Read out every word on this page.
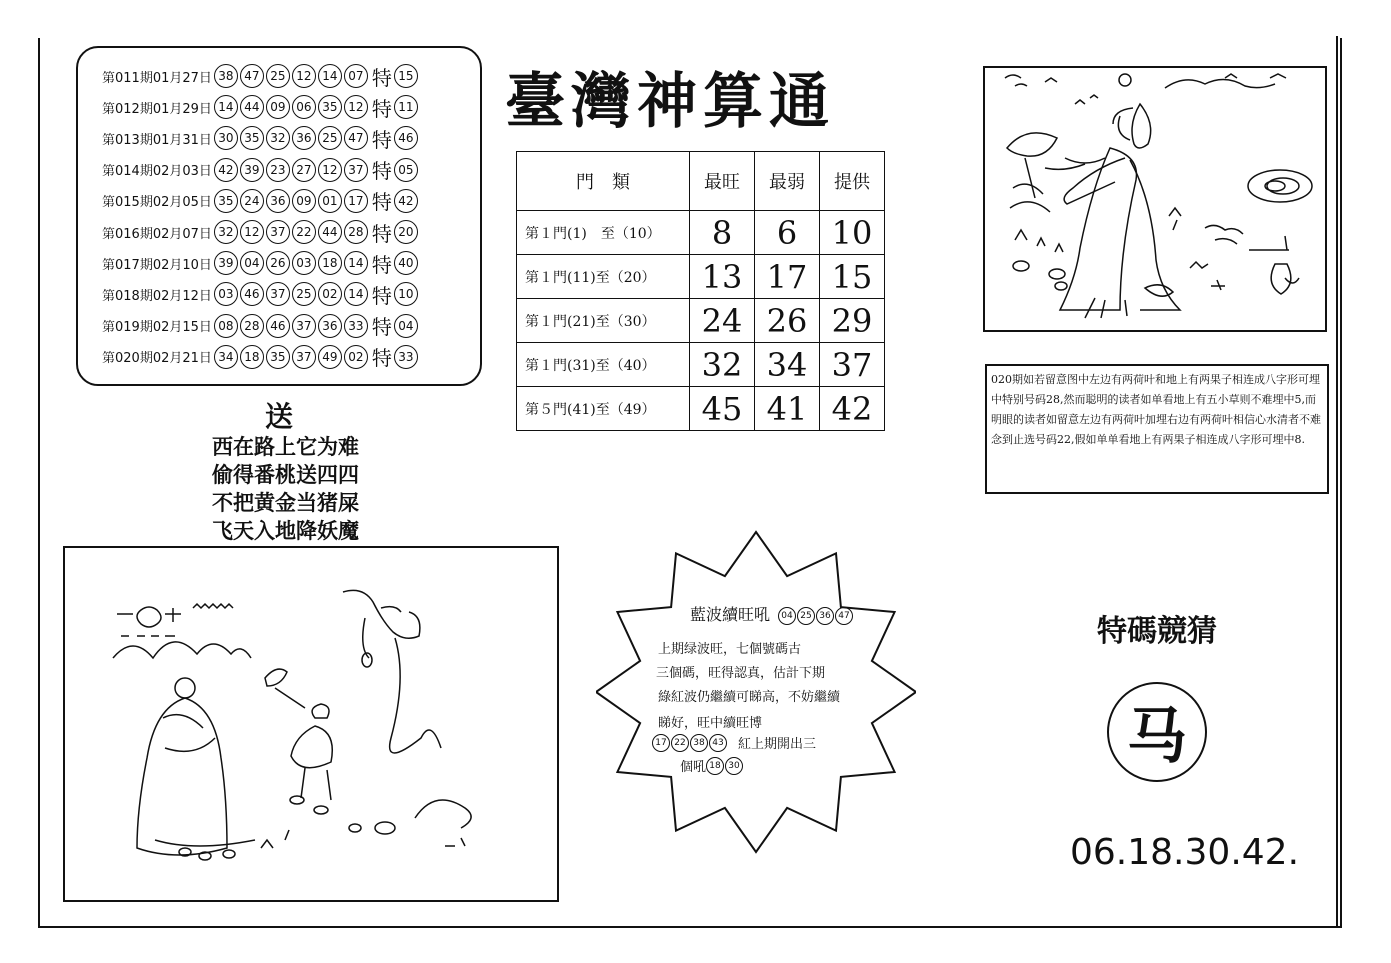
第011期01月27日 38 47 25 12 14 07 特 15
第012期01月29日 14 44 09 06 35 12 特 11
第013期01月31日 30 35 32 36 25 47 特 46
第014期02月03日 42 39 23 27 12 37 特 05
第015期02月05日 35 24 36 09 01 17 特 42
第016期02月07日 32 12 37 22 44 28 特 20
第017期02月10日 39 04 26 03 18 14 特 40
第018期02月12日 03 46 37 25 02 14 特 10
第019期02月15日 08 28 46 37 36 33 特 04
第020期02月21日 34 18 35 37 49 02 特 33
臺灣神算通
門　類	最旺	最弱	提供
第１門(1)　至（10）	8	6	10
第１門(11)至（20）	13	17	15
第１門(21)至（30）	24	26	29
第１門(31)至（40）	32	34	37
第５門(41)至（49）	45	41	42
送
西在路上它为难
偷得番桃送四四
不把黄金当猪屎
飞天入地降妖魔
020期如若留意图中左边有两荷叶和地上有两果子相连成八字形可埋中特别号码28,然而聪明的读者如单看地上有五小草则不难埋中5,而明眼的读者如留意左边有两荷叶加埋右边有两荷叶相信心水清者不难念到止选号码22,假如单单看地上有两果子相连成八字形可埋中8.
藍波續旺吼	04 25 36 47
上期绿波旺，七個號碼古
三個碼，旺得認真，估計下期
綠紅波仍繼續可睇高，不妨繼續
睇好，旺中續旺博
17 22 38 43	紅上期開出三
個吼 18 30
特碼競猜
马
06.18.30.42.
